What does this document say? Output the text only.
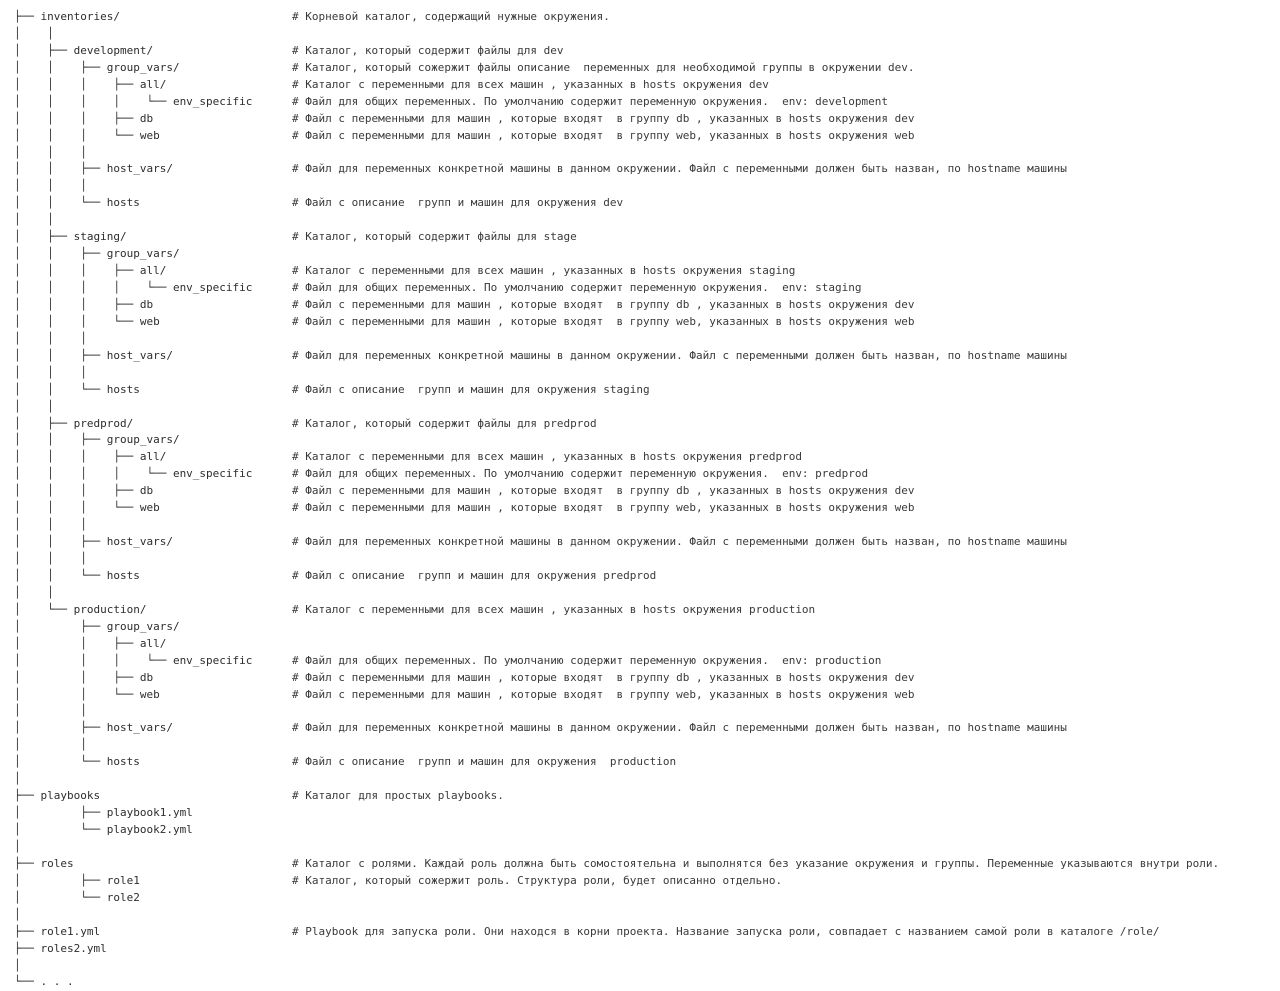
├── inventories/	# Корневой каталог, содержащий нужные окружения.
│    │
│    ├── development/	# Каталог, который содержит файлы для dev
│    │    ├── group_vars/	# Каталог, который сожержит файлы описание  переменных для необходимой группы в окружении dev.
│    │    │    ├── all/	# Каталог с переменными для всех машин , указанных в hosts окружения dev
│    │    │    │    └── env_specific	# Файл для общих переменных. По умолчанию содержит переменную окружения.  env: development
│    │    │    ├── db	# Файл с переменными для машин , которые входят  в группу db , указанных в hosts окружения dev
│    │    │    └── web	# Файл с переменными для машин , которые входят  в группу web, указанных в hosts окружения web
│    │    │
│    │    ├── host_vars/	# Файл для переменных конкретной машины в данном окружении. Файл с переменными должен быть назван, по hostname машины
│    │    │
│    │    └── hosts	# Файл с описание  групп и машин для окружения dev
│    │
│    ├── staging/	# Каталог, который содержит файлы для stage
│    │    ├── group_vars/
│    │    │    ├── all/	# Каталог с переменными для всех машин , указанных в hosts окружения staging
│    │    │    │    └── env_specific	# Файл для общих переменных. По умолчанию содержит переменную окружения.  env: staging
│    │    │    ├── db	# Файл с переменными для машин , которые входят  в группу db , указанных в hosts окружения dev
│    │    │    └── web	# Файл с переменными для машин , которые входят  в группу web, указанных в hosts окружения web
│    │    │
│    │    ├── host_vars/	# Файл для переменных конкретной машины в данном окружении. Файл с переменными должен быть назван, по hostname машины
│    │    │
│    │    └── hosts	# Файл с описание  групп и машин для окружения staging
│    │
│    ├── predprod/	# Каталог, который содержит файлы для predprod
│    │    ├── group_vars/
│    │    │    ├── all/	# Каталог с переменными для всех машин , указанных в hosts окружения predprod
│    │    │    │    └── env_specific	# Файл для общих переменных. По умолчанию содержит переменную окружения.  env: predprod
│    │    │    ├── db	# Файл с переменными для машин , которые входят  в группу db , указанных в hosts окружения dev
│    │    │    └── web	# Файл с переменными для машин , которые входят  в группу web, указанных в hosts окружения web
│    │    │
│    │    ├── host_vars/	# Файл для переменных конкретной машины в данном окружении. Файл с переменными должен быть назван, по hostname машины
│    │    │
│    │    └── hosts	# Файл с описание  групп и машин для окружения predprod
│    │
│    └── production/	# Каталог с переменными для всех машин , указанных в hosts окружения production
│         ├── group_vars/
│         │    ├── all/
│         │    │    └── env_specific	# Файл для общих переменных. По умолчанию содержит переменную окружения.  env: production
│         │    ├── db	# Файл с переменными для машин , которые входят  в группу db , указанных в hosts окружения dev
│         │    └── web	# Файл с переменными для машин , которые входят  в группу web, указанных в hosts окружения web
│         │
│         ├── host_vars/	# Файл для переменных конкретной машины в данном окружении. Файл с переменными должен быть назван, по hostname машины
│         │
│         └── hosts	# Файл с описание  групп и машин для окружения  production
│
├── playbooks	# Каталог для простых playbooks.
│         ├── playbook1.yml
│         └── playbook2.yml
│
├── roles	# Каталог с ролями. Каждай роль должна быть сомостоятельна и выполнятся без указание окружения и группы. Переменные указываются внутри роли.
│         ├── role1	# Каталог, который сожержит роль. Структура роли, будет описанно отдельно.
│         └── role2
│
├── role1.yml	# Playbook для запуска роли. Они находся в корни проекта. Название запуска роли, совпадает с названием самой роли в каталоге /role/
├── roles2.yml
│
└── . . .
